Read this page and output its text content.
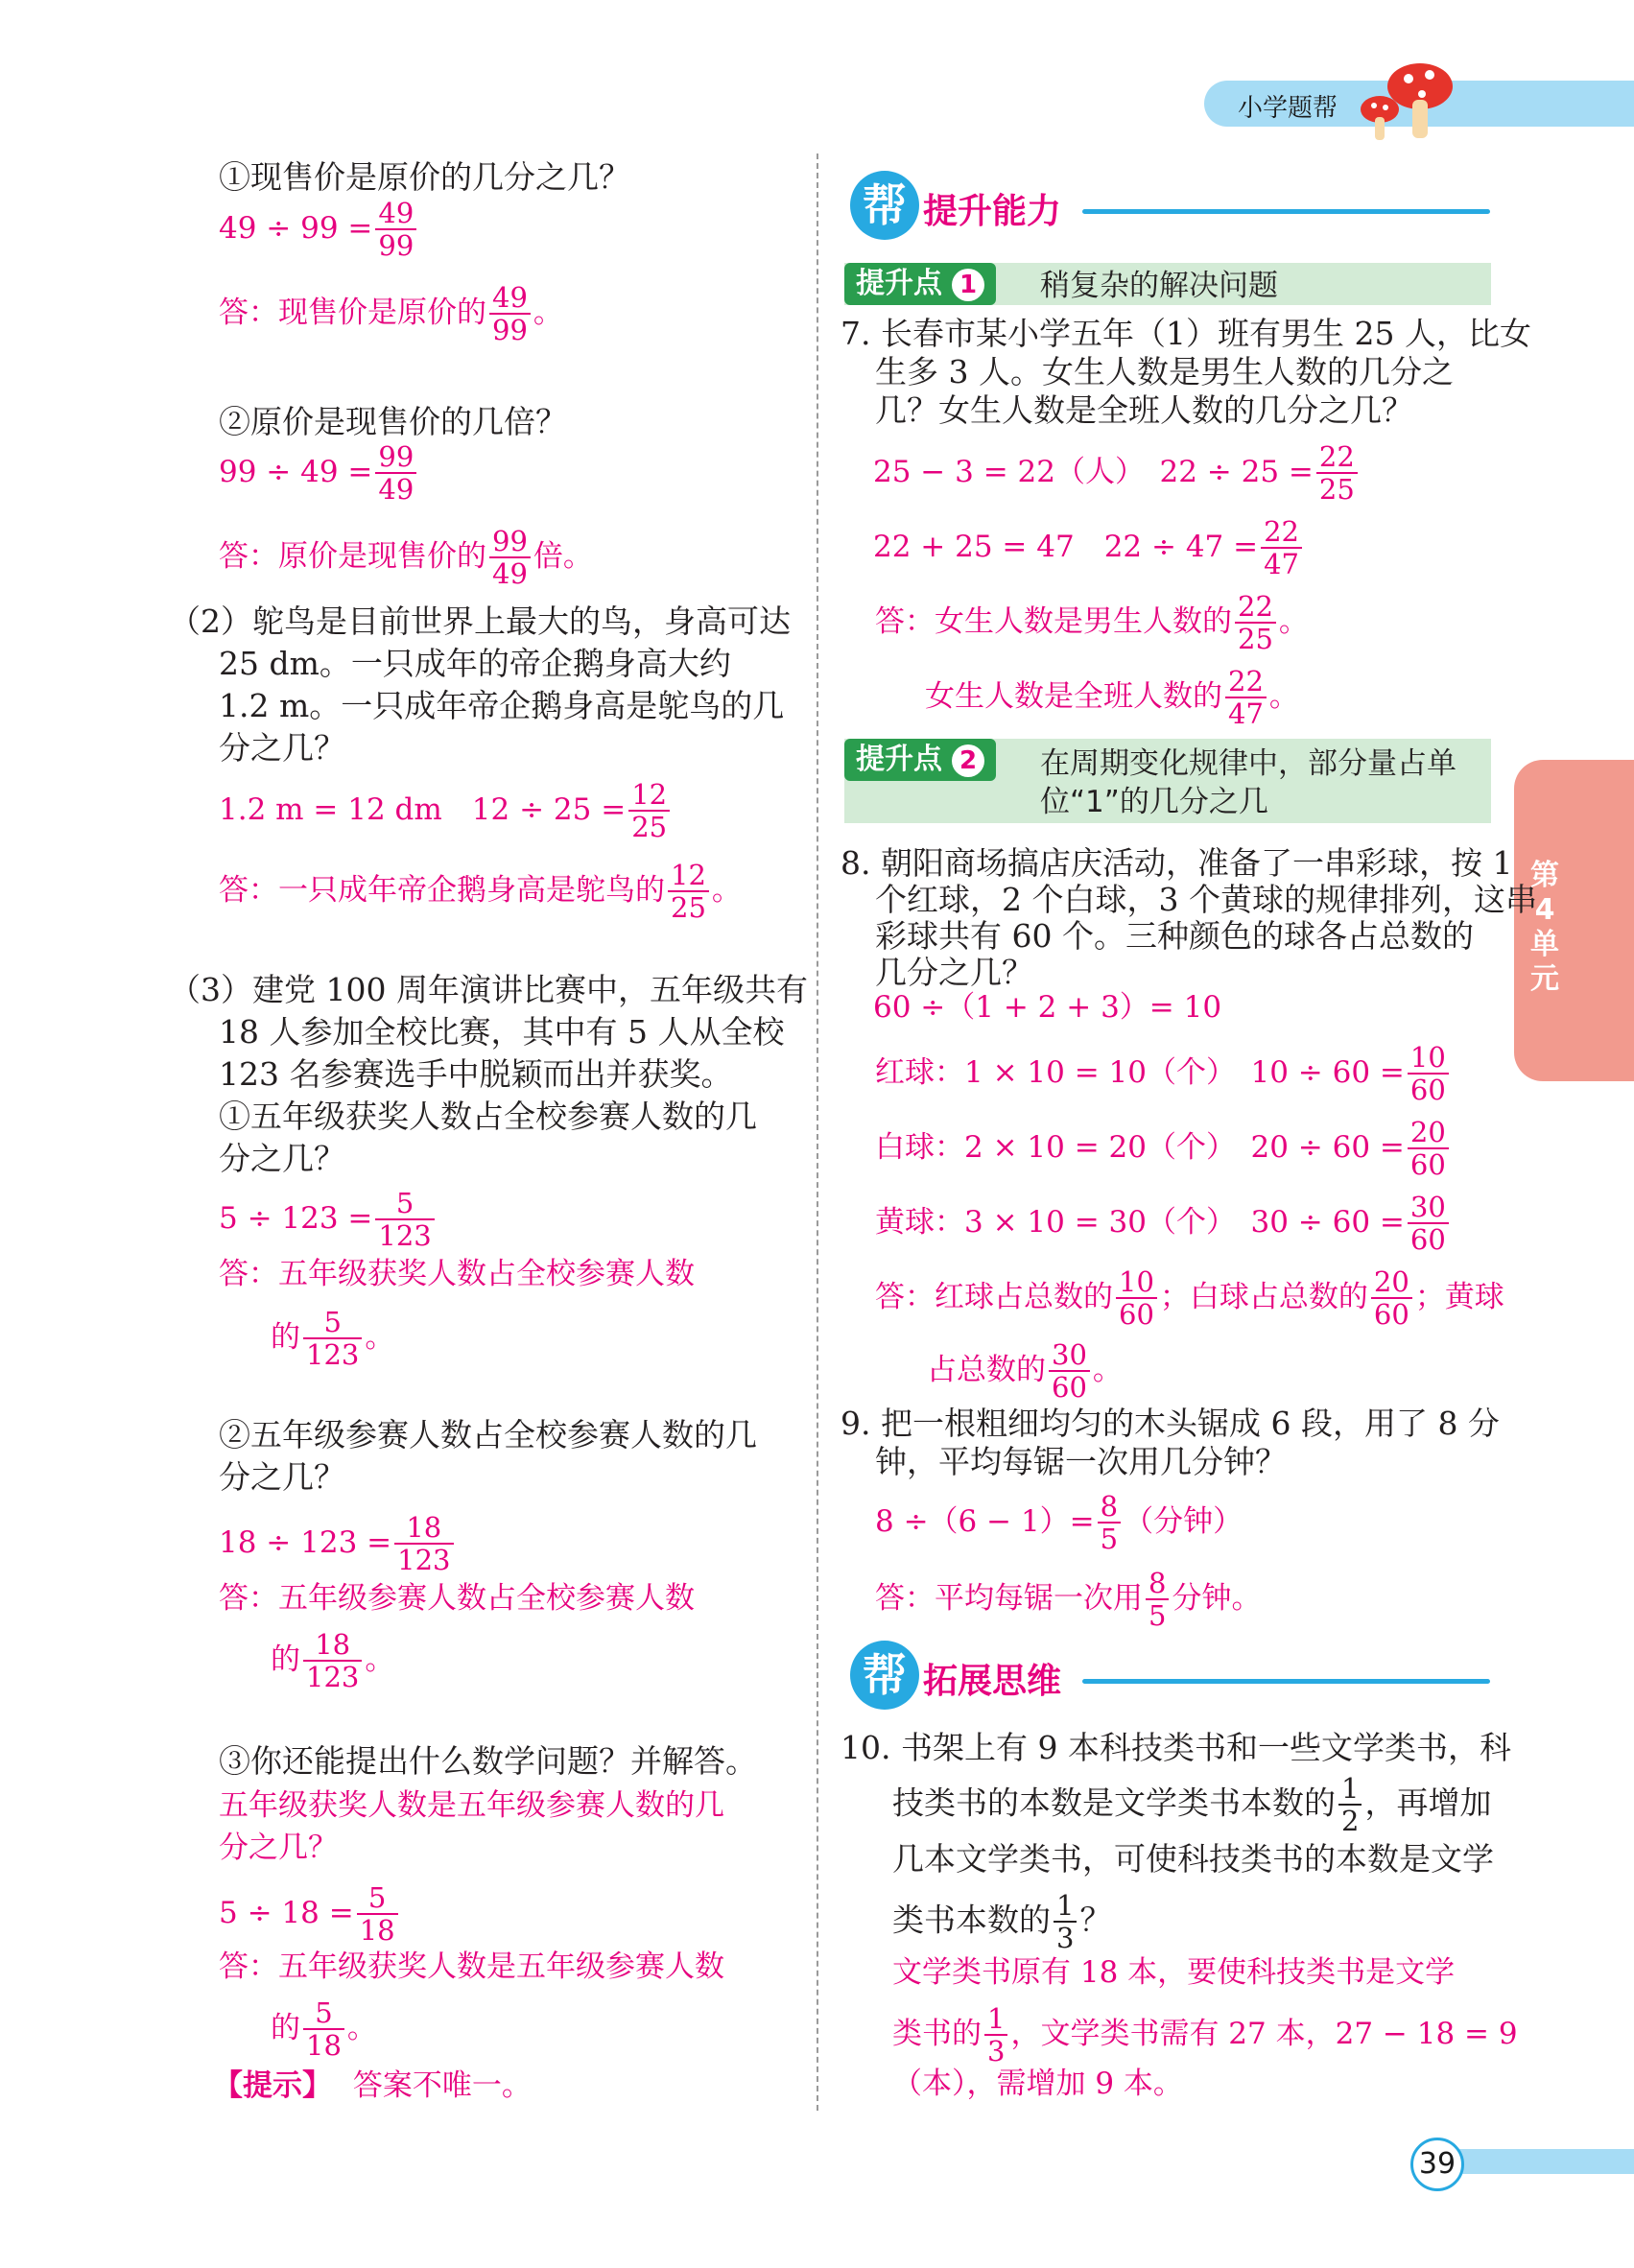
小学题帮
第4单元
①现售价是原价的几分之几？
$49 \div 99 = \frac{49}{99}$
答：现售价是原价的 $\frac{49}{99}$ 。
②原价是现售价的几倍？
$99 \div 49 = \frac{99}{49}$
答：原价是现售价的 $\frac{99}{49}$ 倍。
（2）鸵鸟是目前世界上最大的鸟，身高可达
25 dm。一只成年的帝企鹅身高大约
1.2 m。一只成年帝企鹅身高是鸵鸟的几
分之几？
1.2 m = 12 dm　$12 \div 25 = \frac{12}{25}$
答：一只成年帝企鹅身高是鸵鸟的 $\frac{12}{25}$ 。
（3）建党 100 周年演讲比赛中，五年级共有
18 人参加全校比赛，其中有 5 人从全校
123 名参赛选手中脱颖而出并获奖。
①五年级获奖人数占全校参赛人数的几
分之几？
$5 \div 123 = \frac{5}{123}$
答：五年级获奖人数占全校参赛人数
的 $\frac{5}{123}$ 。
②五年级参赛人数占全校参赛人数的几
分之几？
$18 \div 123 = \frac{18}{123}$
答：五年级参赛人数占全校参赛人数
的 $\frac{18}{123}$ 。
③你还能提出什么数学问题？并解答。
五年级获奖人数是五年级参赛人数的几
分之几？
$5 \div 18 = \frac{5}{18}$
答：五年级获奖人数是五年级参赛人数
的 $\frac{5}{18}$ 。
【提示】 答案不唯一。
帮 提升能力
提升点 1	稍复杂的解决问题
7. 长春市某小学五年（1）班有男生 25 人，比女
生多 3 人。女生人数是男生人数的几分之
几？女生人数是全班人数的几分之几？
25 − 3 = 22（人）　$22 \div 25 = \frac{22}{25}$
22 + 25 = 47　$22 \div 47 = \frac{22}{47}$
答：女生人数是男生人数的 $\frac{22}{25}$ 。
女生人数是全班人数的 $\frac{22}{47}$ 。
提升点 2	在周期变化规律中，部分量占单
位“1”的几分之几
8. 朝阳商场搞店庆活动，准备了一串彩球，按 1
个红球，2 个白球，3 个黄球的规律排列，这串
彩球共有 60 个。三种颜色的球各占总数的
几分之几？
60 ÷（1 + 2 + 3）= 10
红球：1 × 10 = 10（个）　$10 \div 60 = \frac{10}{60}$
白球：2 × 10 = 20（个）　$20 \div 60 = \frac{20}{60}$
黄球：3 × 10 = 30（个）　$30 \div 60 = \frac{30}{60}$
答：红球占总数的 $\frac{10}{60}$ ；白球占总数的 $\frac{20}{60}$ ；黄球
占总数的 $\frac{30}{60}$ 。
9. 把一根粗细均匀的木头锯成 6 段，用了 8 分
钟，平均每锯一次用几分钟？
$8 \div(6 - 1)= \frac{8}{5}$ （分钟）
答：平均每锯一次用 $\frac{8}{5}$ 分钟。
帮 拓展思维
10. 书架上有 9 本科技类书和一些文学类书，科
技类书的本数是文学类书本数的 $\frac{1}{2}$ ，再增加
几本文学类书，可使科技类书的本数是文学
类书本数的 $\frac{1}{3}$ ？
文学类书原有 18 本，要使科技类书是文学
类书的 $\frac{1}{3}$ ，文学类书需有 27 本，27 − 18 = 9
（本），需增加 9 本。
39
